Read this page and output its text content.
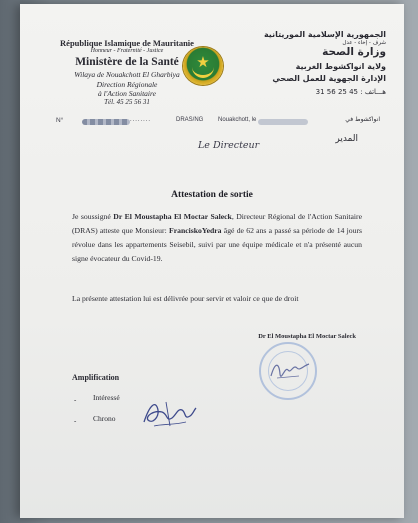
République Islamique de Mauritanie
Honneur - Fraternité - Justice
Ministère de la Santé
Wilaya de Nouakchott El Gharbiya
Direction Régionale
à l'Action Sanitaire
Tél. 45 25 56 31
★
الجمهورية الإسلامية الموريتانية
شرف - إخاء - عدل
وزارة الصحة
ولاية انواكشوط الغربية
الإدارة الجهوية للعمل الصحي
هـــاتف : 45 25 56 31
N°	........	DRAS/NG Nouakchott, le	انواكشوط في
Le Directeur
المدير
Attestation de sortie
Je soussigné Dr El Moustapha El Moctar Saleck, Directeur Régional de l'Action Sanitaire (DRAS) atteste que Monsieur: FranciskoYedra âgé de 62 ans a passé sa période de 14 jours révolue dans les appartements Seisebil, suivi par une équipe médicale et n'a présenté aucun signe évocateur du Covid-19.
La présente attestation lui est délivrée pour servir et valoir ce que de droit
Dr El Moustapha El Moctar Saleck
Amplification
- Intéressé
- Chrono
